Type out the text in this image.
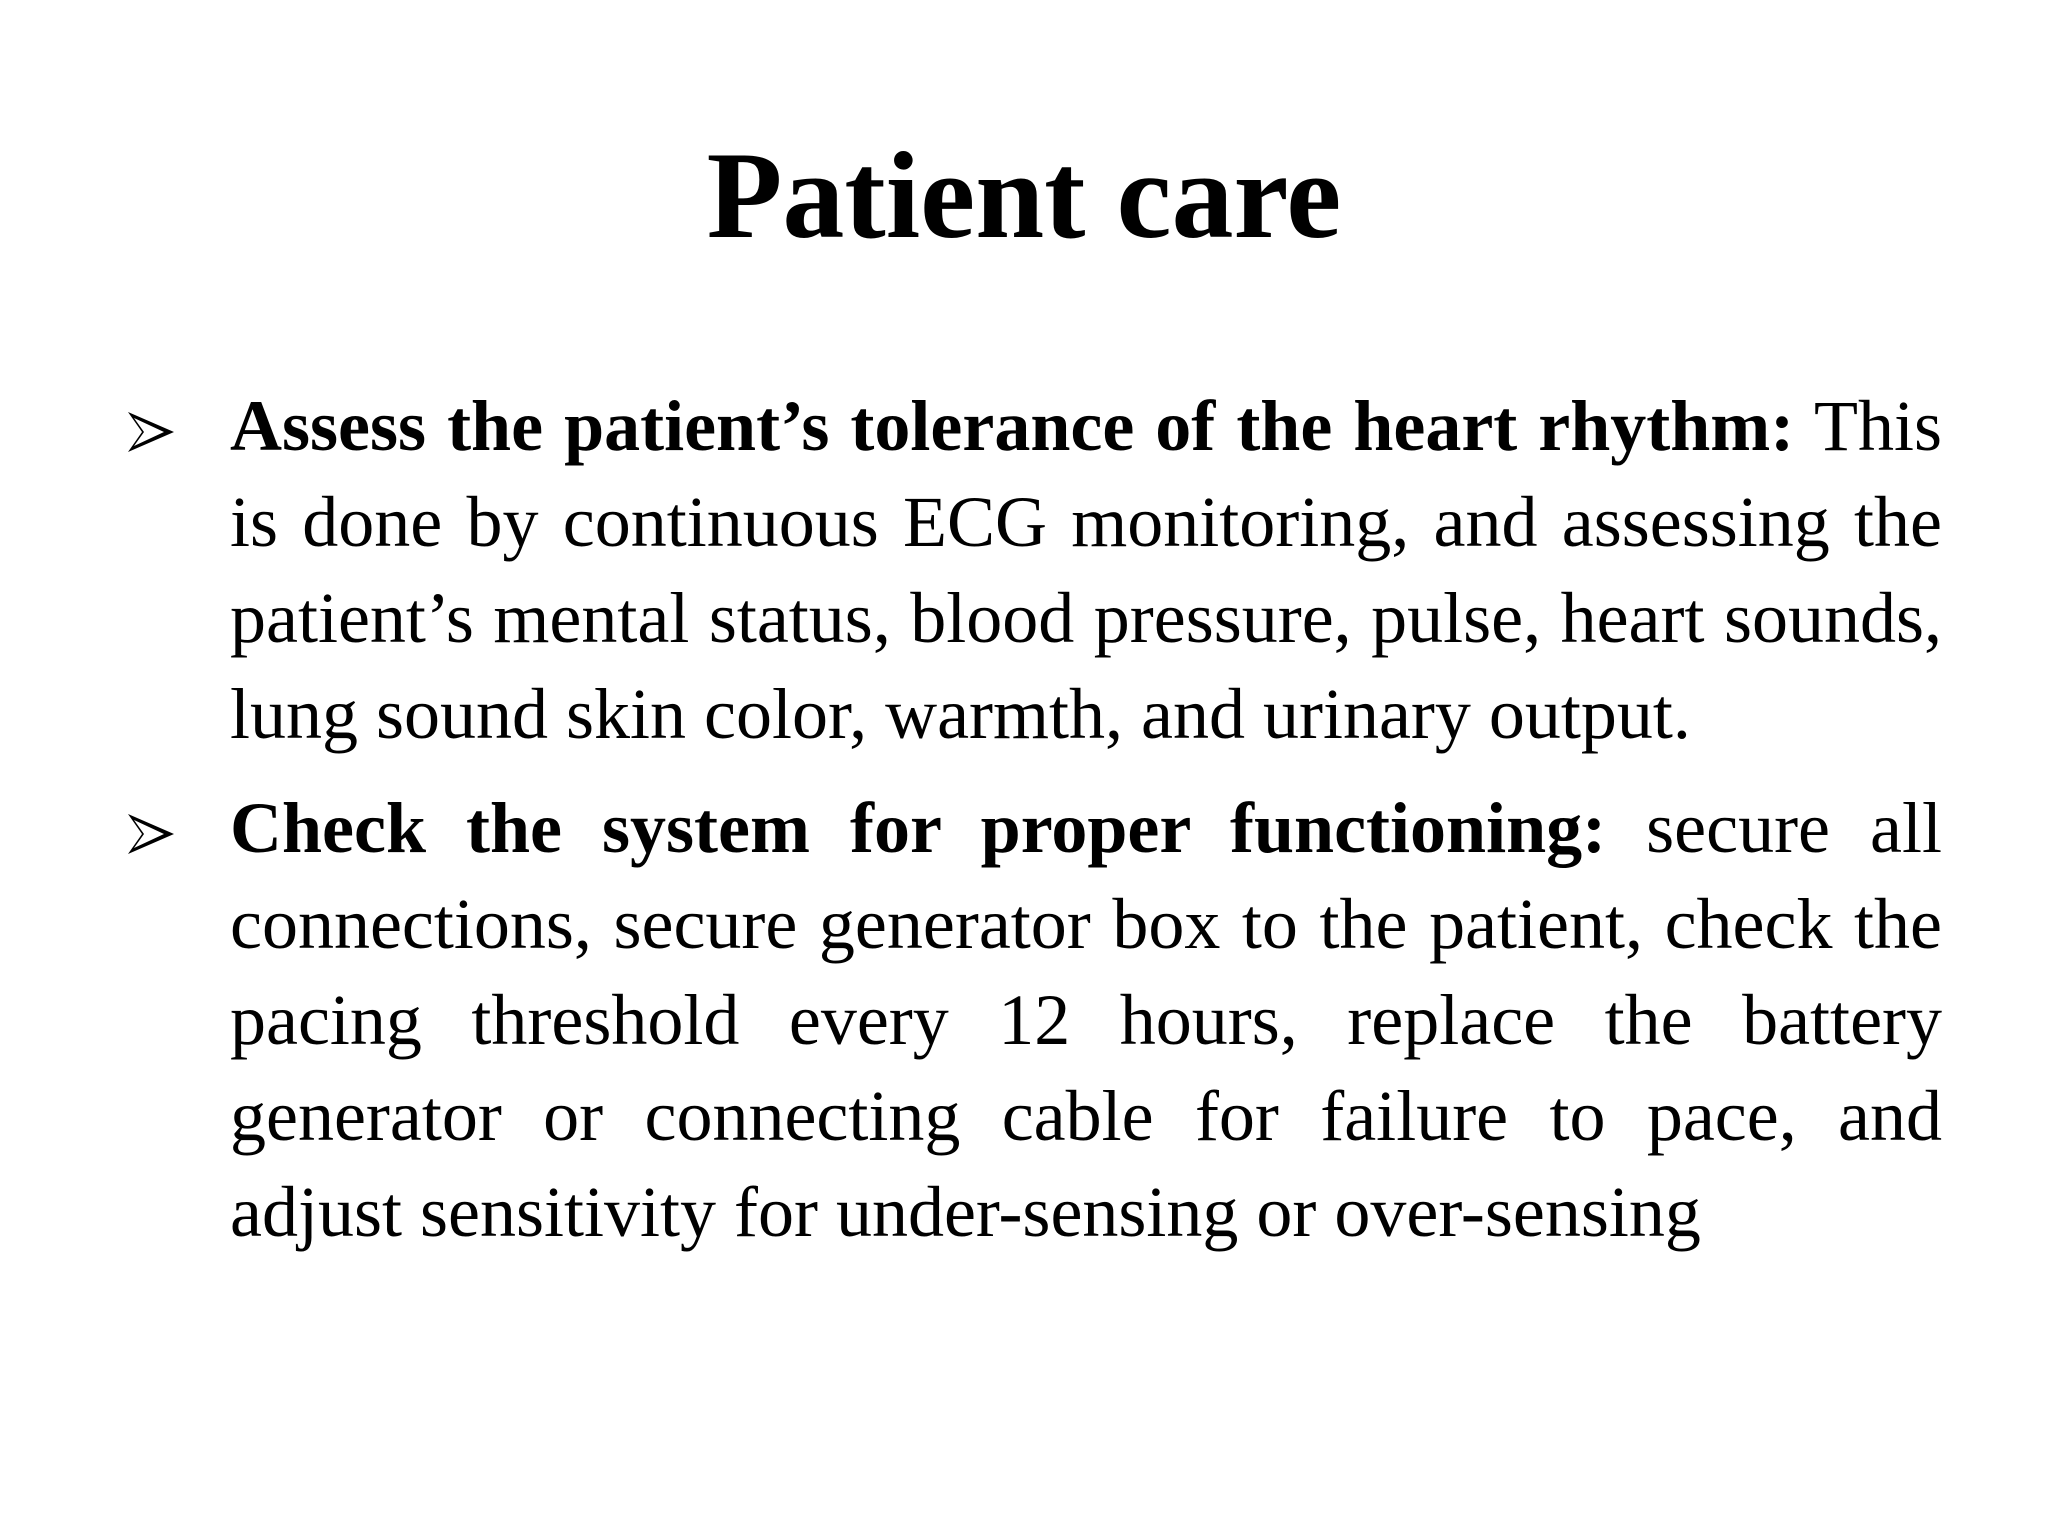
Patient care
Assess the patient’s tolerance of the heart rhythm: This is done by continuous ECG monitoring, and assessing the patient’s mental status, blood pressure, pulse, heart sounds, lung sound skin color, warmth, and urinary output.
Check the system for proper functioning: secure all connections, secure generator box to the patient, check the pacing threshold every 12 hours, replace the battery generator or connecting cable for failure to pace, and adjust sensitivity for under-sensing or over-sensing
